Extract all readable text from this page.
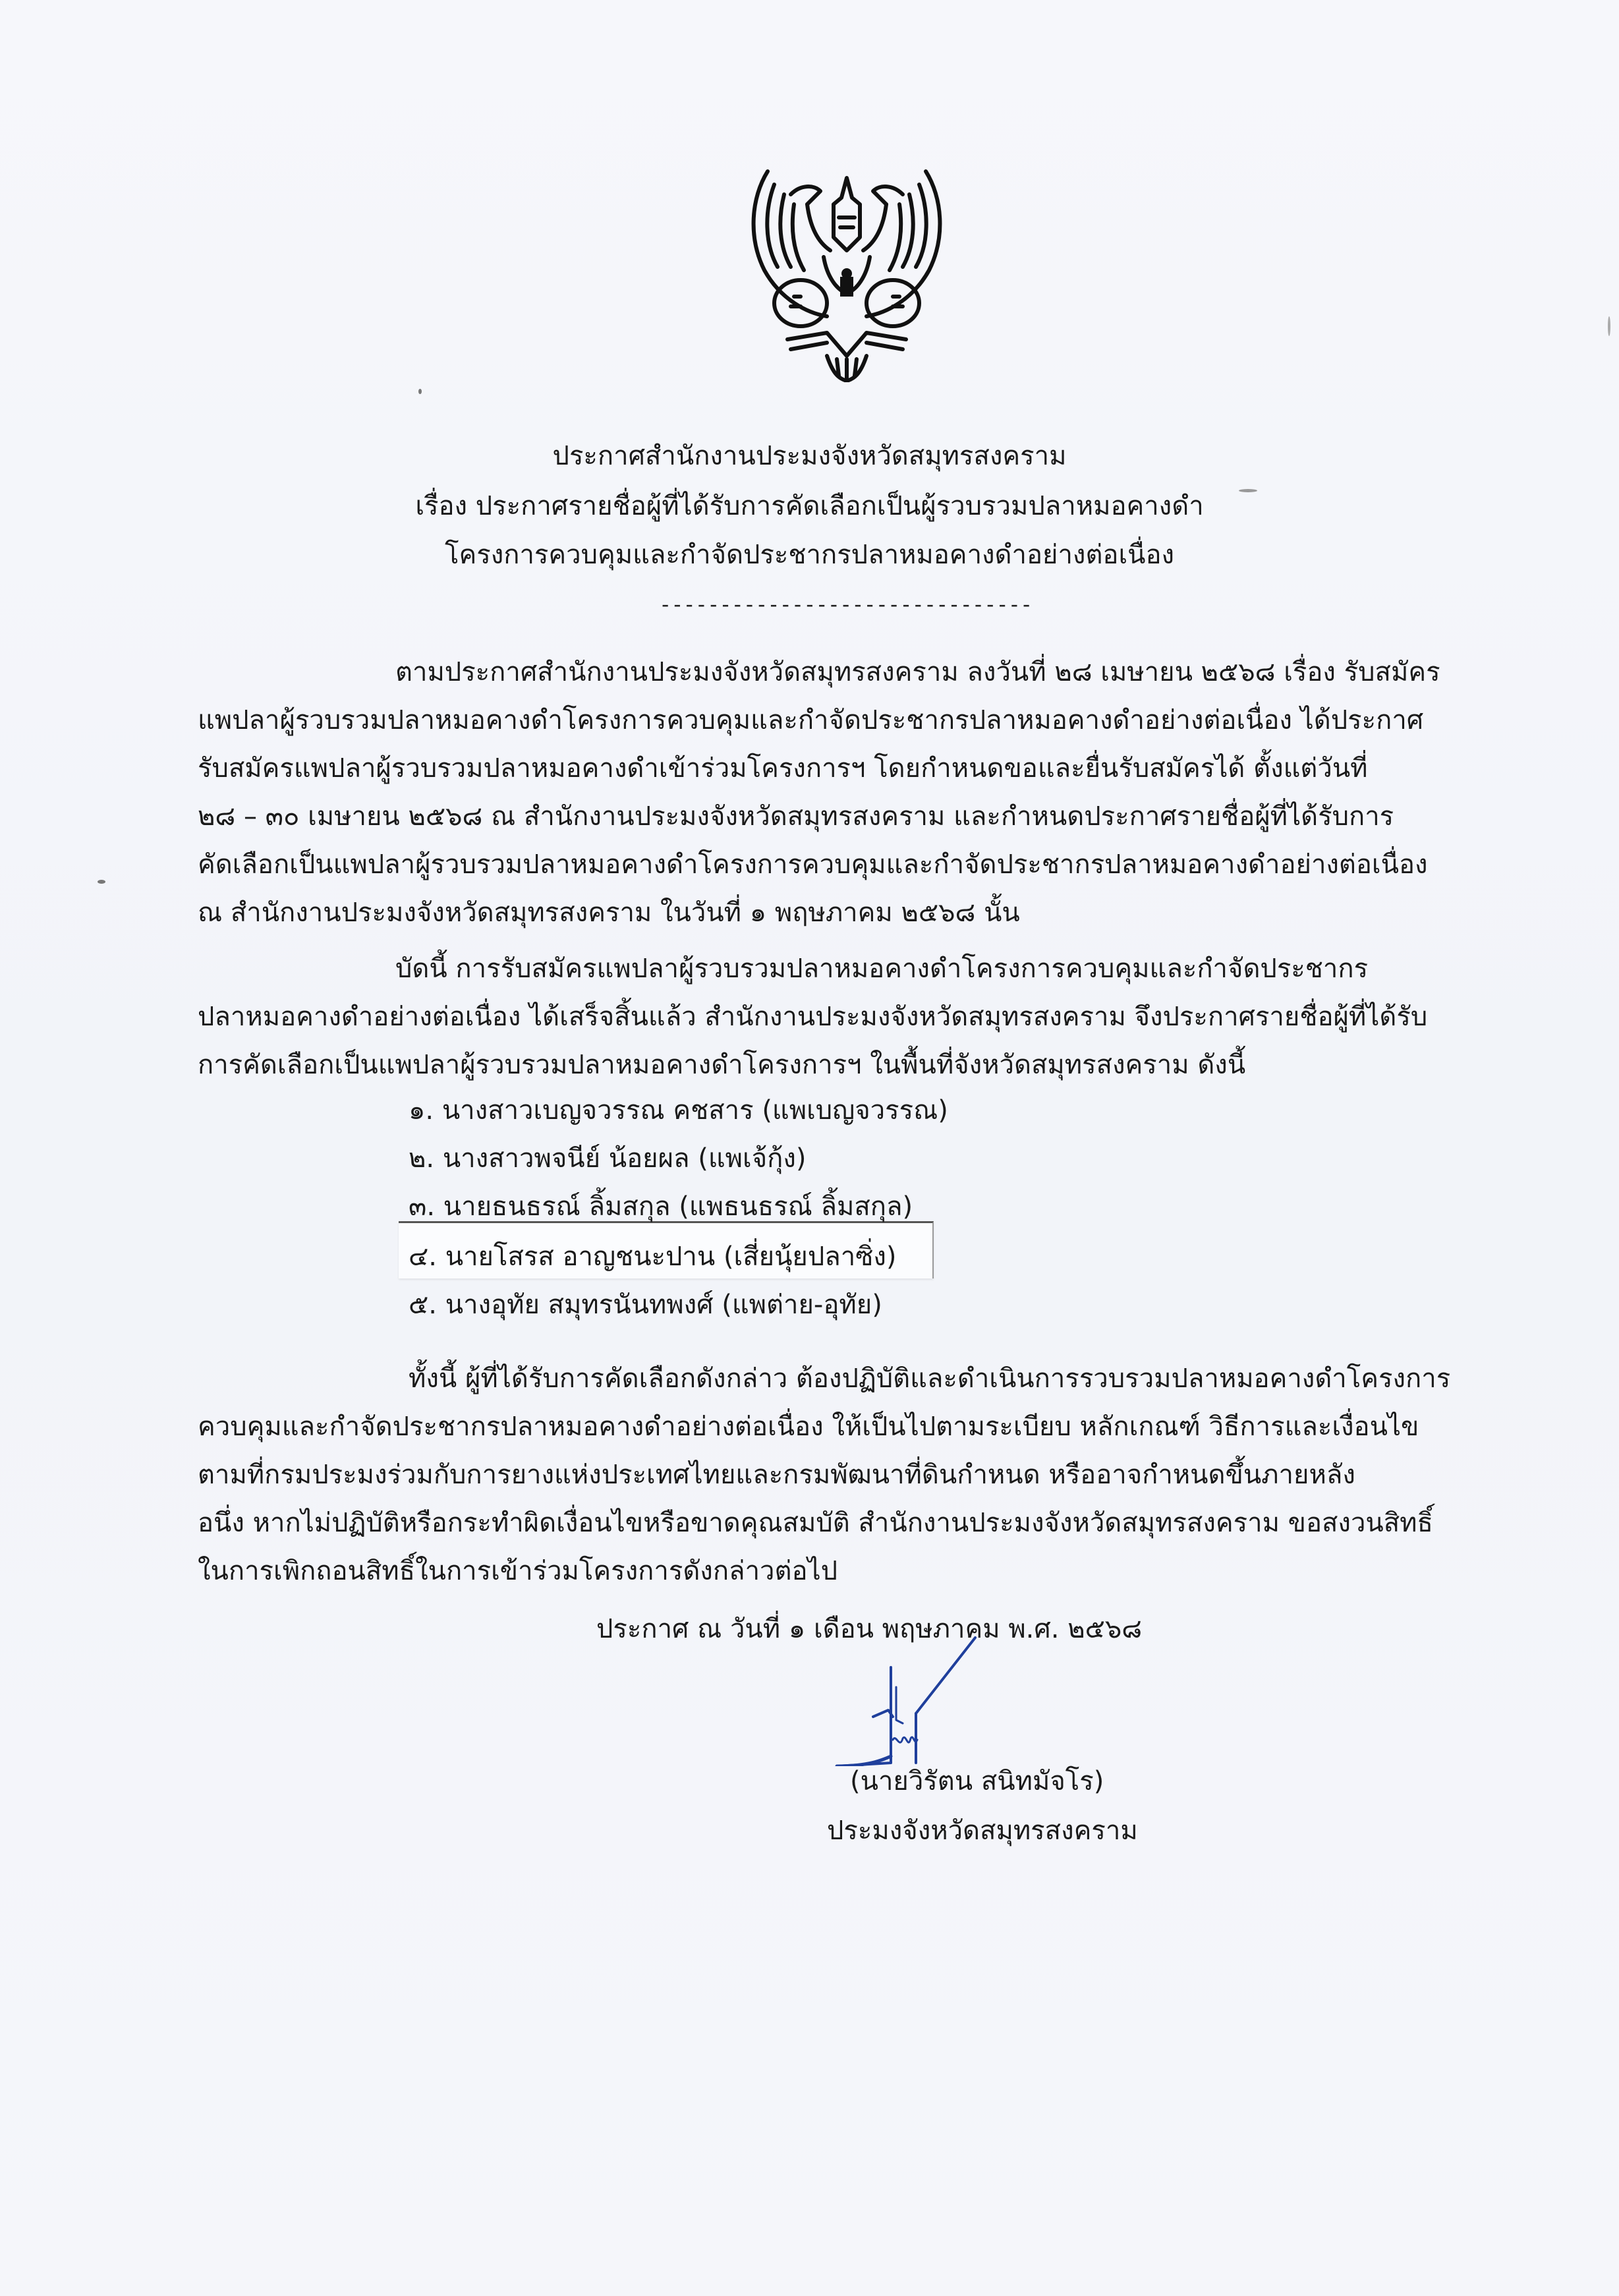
ประกาศสำนักงานประมงจังหวัดสมุทรสงคราม
เรื่อง ประกาศรายชื่อผู้ที่ได้รับการคัดเลือกเป็นผู้รวบรวมปลาหมอคางดำ
โครงการควบคุมและกำจัดประชากรปลาหมอคางดำอย่างต่อเนื่อง
-------------------------------
ตามประกาศสำนักงานประมงจังหวัดสมุทรสงคราม ลงวันที่ ๒๘ เมษายน ๒๕๖๘ เรื่อง รับสมัคร
แพปลาผู้รวบรวมปลาหมอคางดำโครงการควบคุมและกำจัดประชากรปลาหมอคางดำอย่างต่อเนื่อง ได้ประกาศ
รับสมัครแพปลาผู้รวบรวมปลาหมอคางดำเข้าร่วมโครงการฯ โดยกำหนดขอและยื่นรับสมัครได้ ตั้งแต่วันที่
๒๘ – ๓๐ เมษายน ๒๕๖๘ ณ สำนักงานประมงจังหวัดสมุทรสงคราม และกำหนดประกาศรายชื่อผู้ที่ได้รับการ
คัดเลือกเป็นแพปลาผู้รวบรวมปลาหมอคางดำโครงการควบคุมและกำจัดประชากรปลาหมอคางดำอย่างต่อเนื่อง
ณ สำนักงานประมงจังหวัดสมุทรสงคราม ในวันที่ ๑ พฤษภาคม ๒๕๖๘ นั้น
บัดนี้ การรับสมัครแพปลาผู้รวบรวมปลาหมอคางดำโครงการควบคุมและกำจัดประชากร
ปลาหมอคางดำอย่างต่อเนื่อง ได้เสร็จสิ้นแล้ว สำนักงานประมงจังหวัดสมุทรสงคราม จึงประกาศรายชื่อผู้ที่ได้รับ
การคัดเลือกเป็นแพปลาผู้รวบรวมปลาหมอคางดำโครงการฯ ในพื้นที่จังหวัดสมุทรสงคราม ดังนี้
๑. นางสาวเบญจวรรณ คชสาร (แพเบญจวรรณ)
๒. นางสาวพจนีย์ น้อยผล (แพเจ้กุ้ง)
๓. นายธนธรณ์ ลิ้มสกุล (แพธนธรณ์ ลิ้มสกุล)
๔. นายโสรส อาญชนะปาน (เสี่ยนุ้ยปลาซิ่ง)
๕. นางอุทัย สมุทรนันทพงศ์ (แพต่าย-อุทัย)
ทั้งนี้ ผู้ที่ได้รับการคัดเลือกดังกล่าว ต้องปฏิบัติและดำเนินการรวบรวมปลาหมอคางดำโครงการ
ควบคุมและกำจัดประชากรปลาหมอคางดำอย่างต่อเนื่อง ให้เป็นไปตามระเบียบ หลักเกณฑ์ วิธีการและเงื่อนไข
ตามที่กรมประมงร่วมกับการยางแห่งประเทศไทยและกรมพัฒนาที่ดินกำหนด หรืออาจกำหนดขึ้นภายหลัง
อนึ่ง หากไม่ปฏิบัติหรือกระทำผิดเงื่อนไขหรือขาดคุณสมบัติ สำนักงานประมงจังหวัดสมุทรสงคราม ขอสงวนสิทธิ์
ในการเพิกถอนสิทธิ์ในการเข้าร่วมโครงการดังกล่าวต่อไป
ประกาศ ณ วันที่ ๑ เดือน พฤษภาคม พ.ศ. ๒๕๖๘
(นายวิรัตน สนิทมัจโร)
ประมงจังหวัดสมุทรสงคราม
